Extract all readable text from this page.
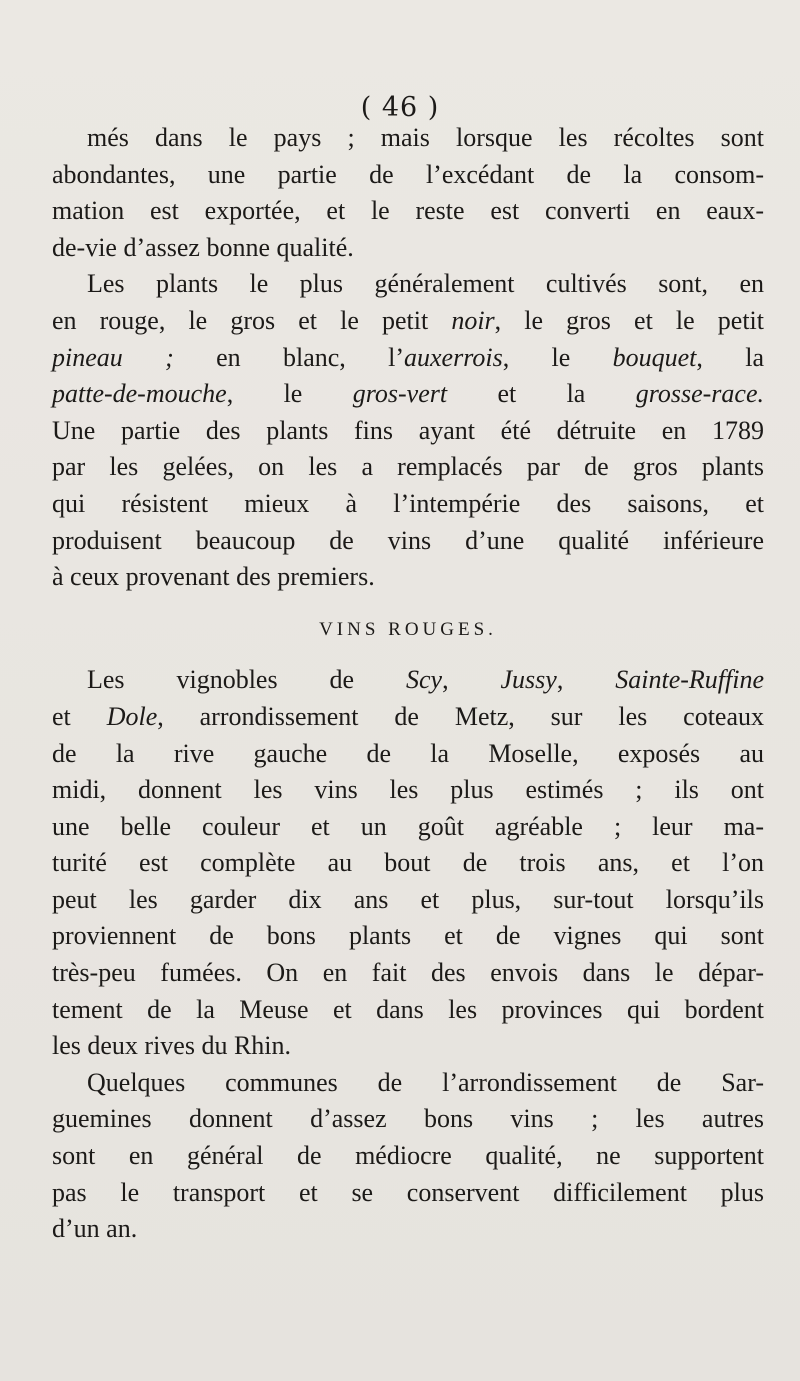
( 46 )
més dans le pays ; mais lorsque les récoltes sont
abondantes, une partie de l’excédant de la consom-
mation est exportée, et le reste est converti en eaux-
de-vie d’assez bonne qualité.
Les plants le plus généralement cultivés sont, en
en rouge, le gros et le petit noir, le gros et le petit
pineau ; en blanc, l’auxerrois, le bouquet, la
patte-de-mouche, le gros-vert et la grosse-race.
Une partie des plants fins ayant été détruite en 1789
par les gelées, on les a remplacés par de gros plants
qui résistent mieux à l’intempérie des saisons, et
produisent beaucoup de vins d’une qualité inférieure
à ceux provenant des premiers.
VINS ROUGES.
Les vignobles de Scy, Jussy, Sainte-Ruffine
et Dole, arrondissement de Metz, sur les coteaux
de la rive gauche de la Moselle, exposés au
midi, donnent les vins les plus estimés ; ils ont
une belle couleur et un goût agréable ; leur ma-
turité est complète au bout de trois ans, et l’on
peut les garder dix ans et plus, sur-tout lorsqu’ils
proviennent de bons plants et de vignes qui sont
très-peu fumées. On en fait des envois dans le dépar-
tement de la Meuse et dans les provinces qui bordent
les deux rives du Rhin.
Quelques communes de l’arrondissement de Sar-
guemines donnent d’assez bons vins ; les autres
sont en général de médiocre qualité, ne supportent
pas le transport et se conservent difficilement plus
d’un an.
